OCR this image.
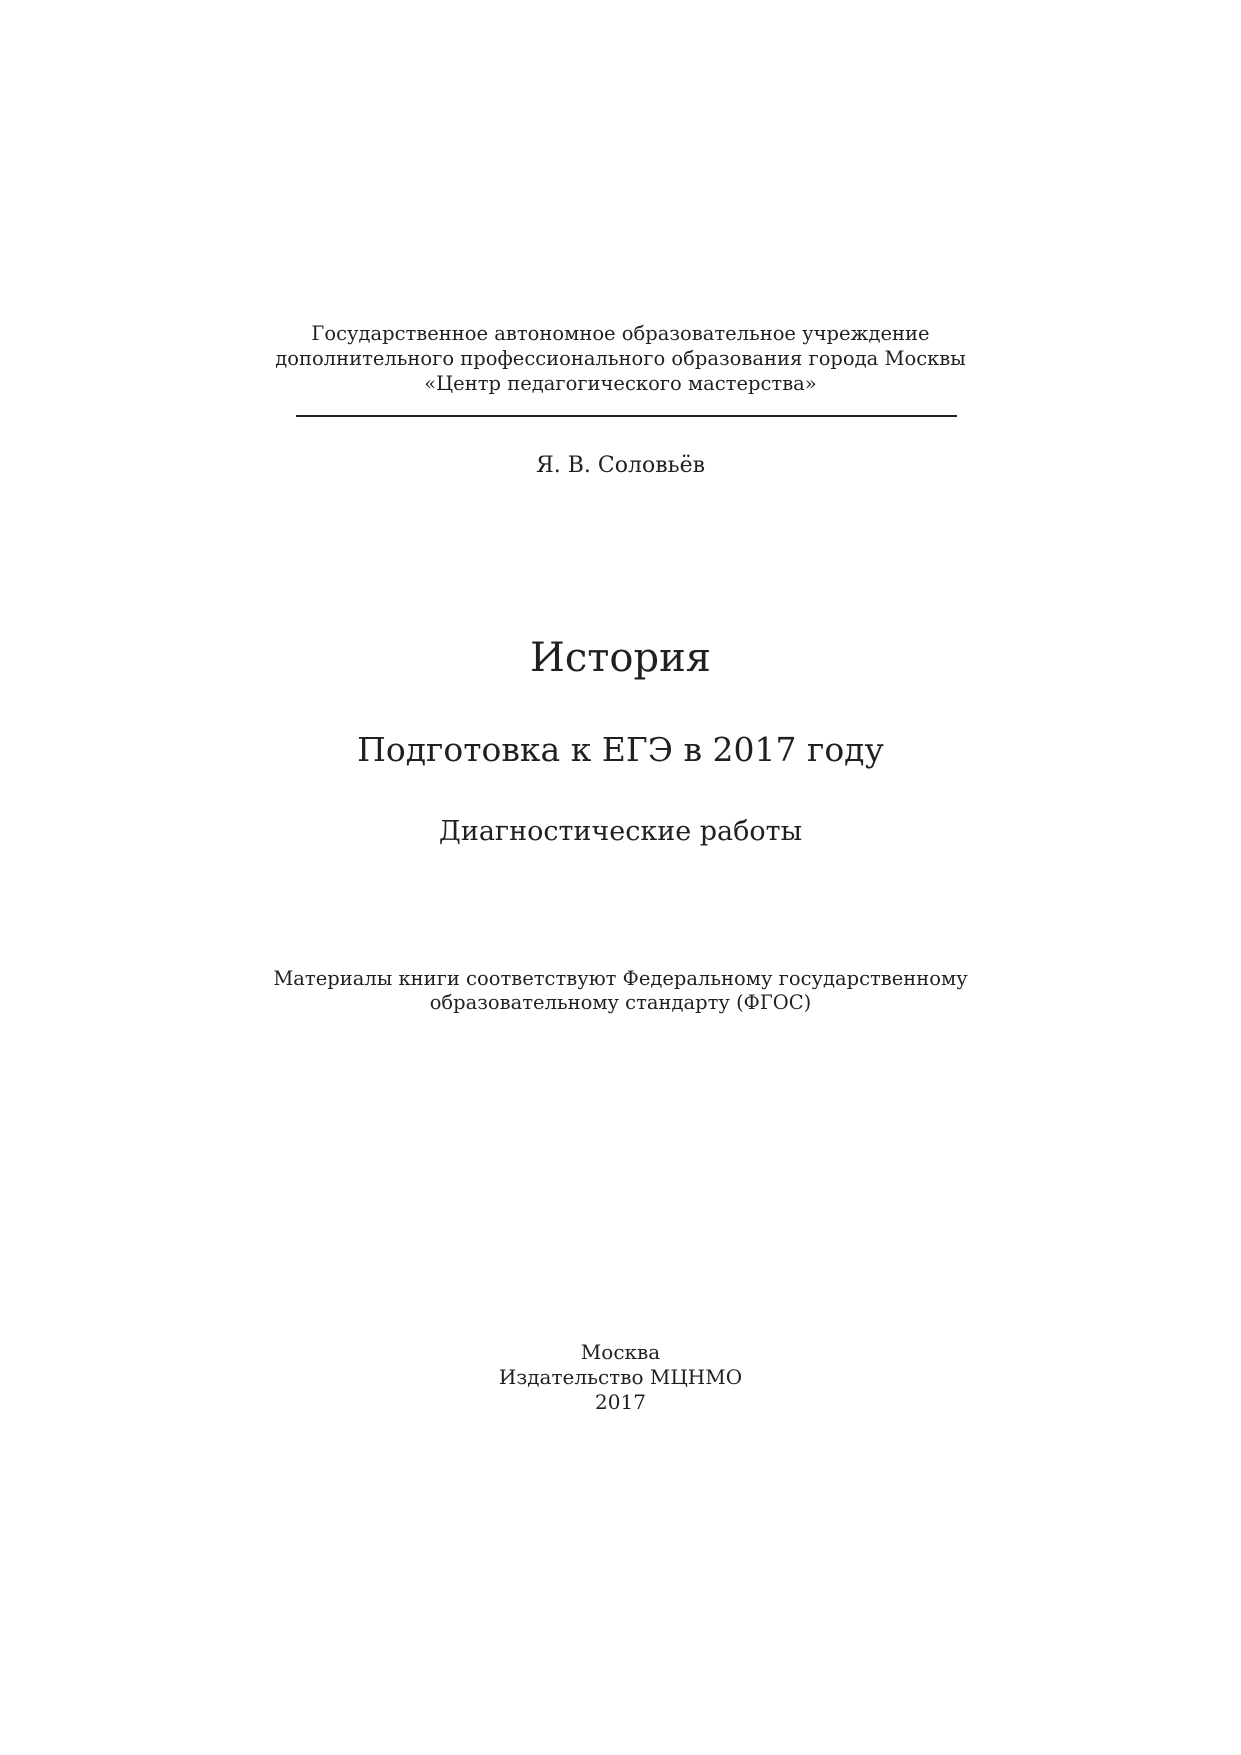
Государственное автономное образовательное учреждение
дополнительного профессионального образования города Москвы
«Центр педагогического мастерства»
Я. В. Соловьёв
История
Подготовка к ЕГЭ в 2017 году
Диагностические работы
Материалы книги соответствуют Федеральному государственному
образовательному стандарту (ФГОС)
Москва
Издательство МЦНМО
2017
